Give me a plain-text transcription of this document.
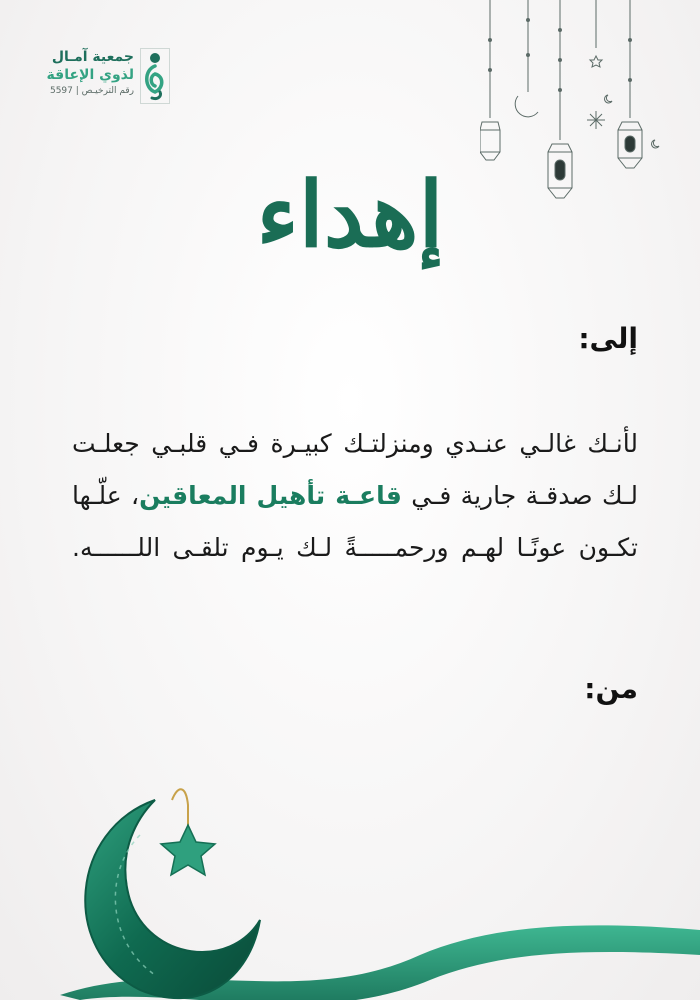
جمعية آمـال
لذوي الإعاقة
رقم الترخيـص | 5597
إهداء
إلى:
لأنـك غالـي عنـدي ومنزلتـك كبيـرة فـي قلبـي جعلـت لـك صدقـة جارية فـي قاعـة تأهيل المعاقين، علّـها تكـون عونًـا لهـم ورحمـــــةً لـك يـوم تلقـى اللــــــه.
من:
